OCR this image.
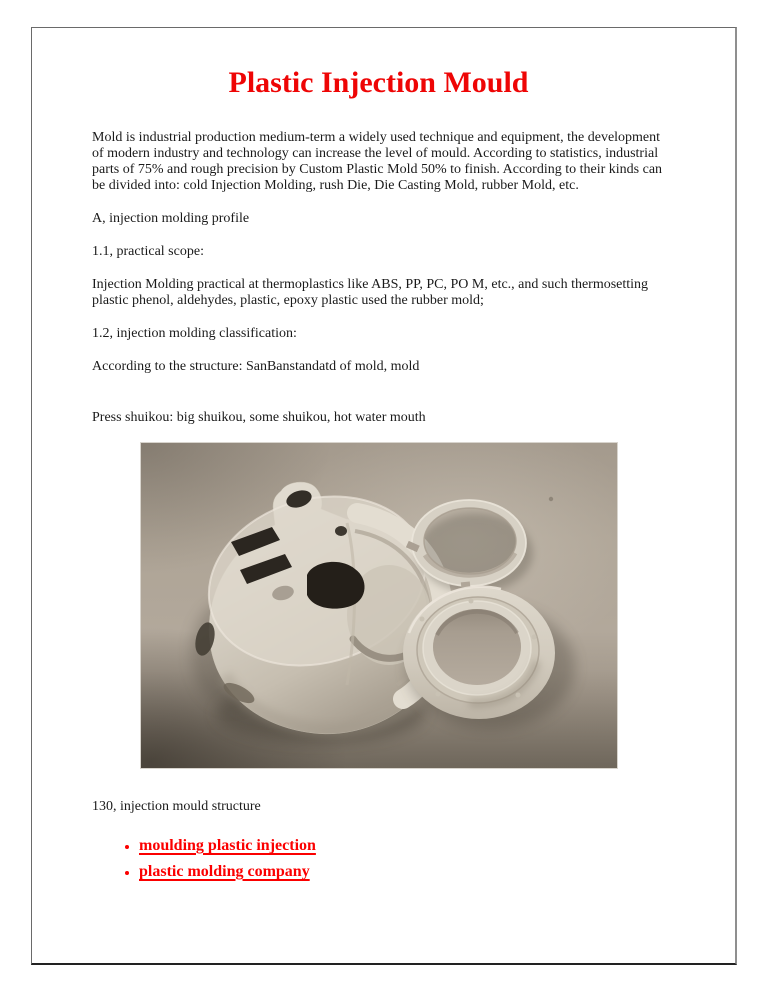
Plastic Injection Mould

Mold is industrial production medium-term a widely used technique and equipment, the development of modern industry and technology can increase the level of mould. According to statistics, industrial parts of 75% and rough precision by Custom Plastic Mold 50% to finish. According to their kinds can be divided into: cold Injection Molding, rush Die, Die Casting Mold, rubber Mold, etc.

A, injection molding profile

1.1, practical scope:

Injection Molding practical at thermoplastics like ABS, PP, PC, PO M, etc., and such thermosetting plastic phenol, aldehydes, plastic, epoxy plastic used the rubber mold;

1.2, injection molding classification:

According to the structure: SanBanstandatd of mold, mold

Press shuikou: big shuikou, some shuikou, hot water mouth

130, injection mould structure

• moulding plastic injection
• plastic molding company
